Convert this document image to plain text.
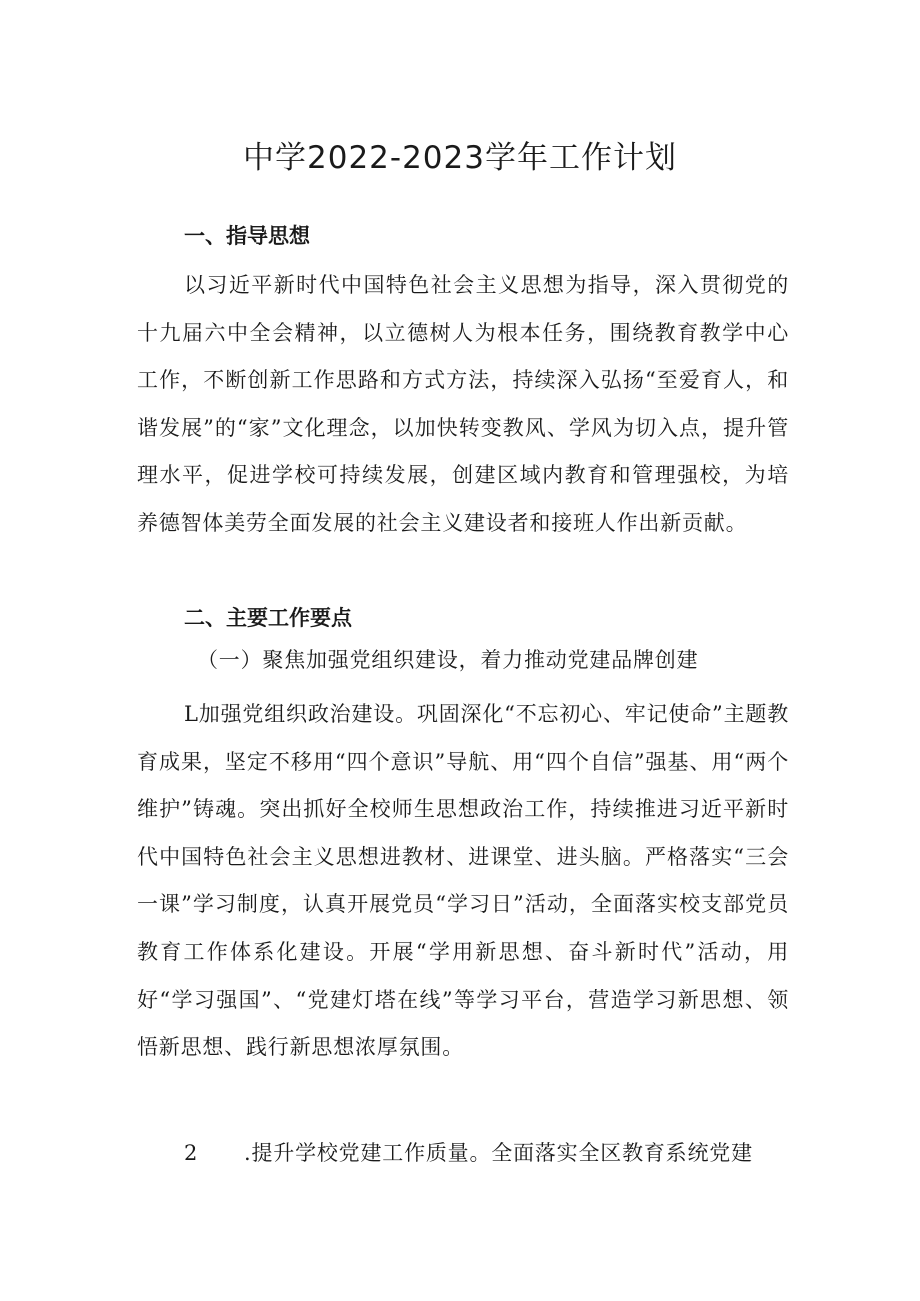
中学2022-2023学年工作计划
一、指导思想

以习近平新时代中国特色社会主义思想为指导，深入贯彻党的十九届六中全会精神，以立德树人为根本任务，围绕教育教学中心工作，不断创新工作思路和方式方法，持续深入弘扬“至爱育人，和谐发展”的“家”文化理念，以加快转变教风、学风为切入点，提升管理水平，促进学校可持续发展，创建区域内教育和管理强校，为培养德智体美劳全面发展的社会主义建设者和接班人作出新贡献。

二、主要工作要点

（一）聚焦加强党组织建设，着力推动党建品牌创建

L加强党组织政治建设。巩固深化“不忘初心、牢记使命”主题教育成果，坚定不移用“四个意识”导航、用“四个自信”强基、用“两个维护”铸魂。突出抓好全校师生思想政治工作，持续推进习近平新时代中国特色社会主义思想进教材、进课堂、进头脑。严格落实“三会一课”学习制度，认真开展党员“学习日”活动，全面落实校支部党员教育工作体系化建设。开展“学用新思想、奋斗新时代”活动，用好“学习强国”、“党建灯塔在线”等学习平台，营造学习新思想、领悟新思想、践行新思想浓厚氛围。

2 .提升学校党建工作质量。全面落实全区教育系统党建
